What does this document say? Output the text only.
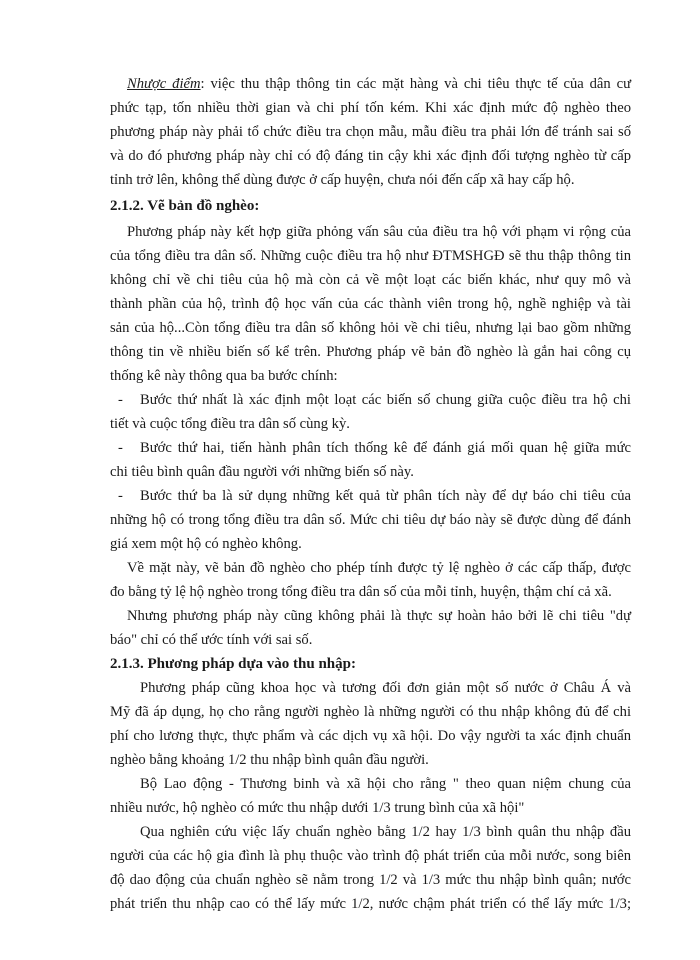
Nhược điểm: việc thu thập thông tin các mặt hàng và chi tiêu thực tế của dân cư
phức tạp, tốn nhiều thời gian và chi phí tốn kém. Khi xác định mức độ nghèo theo
phương pháp này phải tổ chức điều tra chọn mẫu, mẫu điều tra phải lớn để tránh sai số
và do đó phương pháp này chỉ có độ đáng tin cậy khi xác định đối tượng nghèo từ cấp
tỉnh trở lên, không thể dùng được ở cấp huyện, chưa nói đến cấp xã hay cấp hộ.
2.1.2. Vẽ bản đồ nghèo:
Phương pháp này kết hợp giữa phỏng vấn sâu của điều tra hộ với phạm vi rộng của
của tổng điều tra dân số. Những cuộc điều tra hộ như ĐTMSHGĐ sẽ thu thập thông tin
không chỉ về chi tiêu của hộ mà còn cả về một loạt các biến khác, như quy mô và
thành phần của hộ, trình độ học vấn của các thành viên trong hộ, nghề nghiệp và tài
sản của hộ...Còn tổng điều tra dân số không hỏi về chi tiêu, nhưng lại bao gồm những
thông tin về nhiều biến số kể trên. Phương pháp vẽ bản đồ nghèo là gắn hai công cụ
thống kê này thông qua ba bước chính:
-	Bước thứ nhất là xác định một loạt các biến số chung giữa cuộc điều tra hộ chi
tiết và cuộc tổng điều tra dân số cùng kỳ.
-	Bước thứ hai, tiến hành phân tích thống kê để đánh giá mối quan hệ giữa mức
chi tiêu bình quân đầu người với những biến số này.
-	Bước thứ ba là sử dụng những kết quả từ phân tích này để dự báo chi tiêu của
những hộ có trong tổng điều tra dân số. Mức chi tiêu dự báo này sẽ được dùng để đánh
giá xem một hộ có nghèo không.
Về mặt này, vẽ bản đồ nghèo cho phép tính được tỷ lệ nghèo ở các cấp thấp, được
đo bằng tỷ lệ hộ nghèo trong tổng điều tra dân số của mỗi tỉnh, huyện, thậm chí cả xã.
Nhưng phương pháp này cũng không phải là thực sự hoàn hảo bởi lẽ chi tiêu "dự
báo" chỉ có thể ước tính với sai số.
2.1.3. Phương pháp dựa vào thu nhập:
Phương pháp cũng khoa học và tương đối đơn giản một số nước ở Châu Á và
Mỹ đã áp dụng, họ cho rằng người nghèo là những người có thu nhập không đủ để chi
phí cho lương thực, thực phẩm và các dịch vụ xã hội. Do vậy người ta xác định chuẩn
nghèo bằng khoảng 1/2 thu nhập bình quân đầu người.
Bộ Lao động - Thương binh và xã hội cho rằng " theo quan niệm chung của
nhiều nước, hộ nghèo có mức thu nhập dưới 1/3 trung bình của xã hội"
Qua nghiên cứu việc lấy chuẩn nghèo bằng 1/2 hay 1/3 bình quân thu nhập đầu
người của các hộ gia đình là phụ thuộc vào trình độ phát triển của mỗi nước, song biên
độ dao động của chuẩn nghèo sẽ nằm trong 1/2 và 1/3 mức thu nhập bình quân; nước
phát triển thu nhập cao có thể lấy mức 1/2, nước chậm phát triển có thể lấy mức 1/3;
